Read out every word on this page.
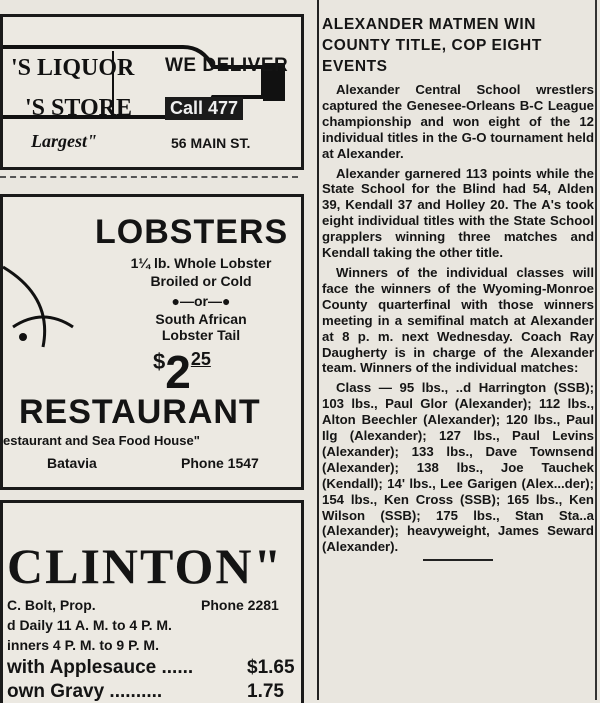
'S LIQUOR
'S STORE
Largest"
WE DELIVER
Call 477
56 MAIN ST.
LOBSTERS
1¼ lb. Whole Lobster
Broiled or Cold
●—or—●
South African
Lobster Tail
$225
RESTAURANT
estaurant and Sea Food House"
Batavia	Phone 1547
CLINTON"
C. Bolt, Prop.	Phone 2281
d Daily 11 A. M. to 4 P. M.
inners 4 P. M. to 9 P. M.
with Applesauce ......	$1.65
own Gravy ..........	1.75
ALEXANDER MATMEN WIN COUNTY TITLE, COP EIGHT EVENTS

Alexander Central School wrestlers captured the Genesee-Orleans B-C League championship and won eight of the 12 individual titles in the G-O tournament held at Alexander.

Alexander garnered 113 points while the State School for the Blind had 54, Alden 39, Kendall 37 and Holley 20. The A's took eight individual titles with the State School grapplers winning three matches and Kendall taking the other title.

Winners of the individual classes will face the winners of the Wyoming-Monroe County quarterfinal with those winners meeting in a semifinal match at Alexander at 8 p. m. next Wednesday. Coach Ray Daugherty is in charge of the Alexander team. Winners of the individual matches:

Class — 95 lbs., ..d Harrington (SSB); 103 lbs., Paul Glor (Alexander); 112 lbs., Alton Beechler (Alexander); 120 lbs., Paul Ilg (Alexander); 127 lbs., Paul Levins (Alexander); 133 lbs., Dave Townsend (Alexander); 138 lbs., Joe Tauchek (Kendall); 14' lbs., Lee Garigen (Alex...der); 154 lbs., Ken Cross (SSB); 165 lbs., Ken Wilson (SSB); 175 lbs., Stan Sta..a (Alexander); heavyweight, James Seward (Alexander).
